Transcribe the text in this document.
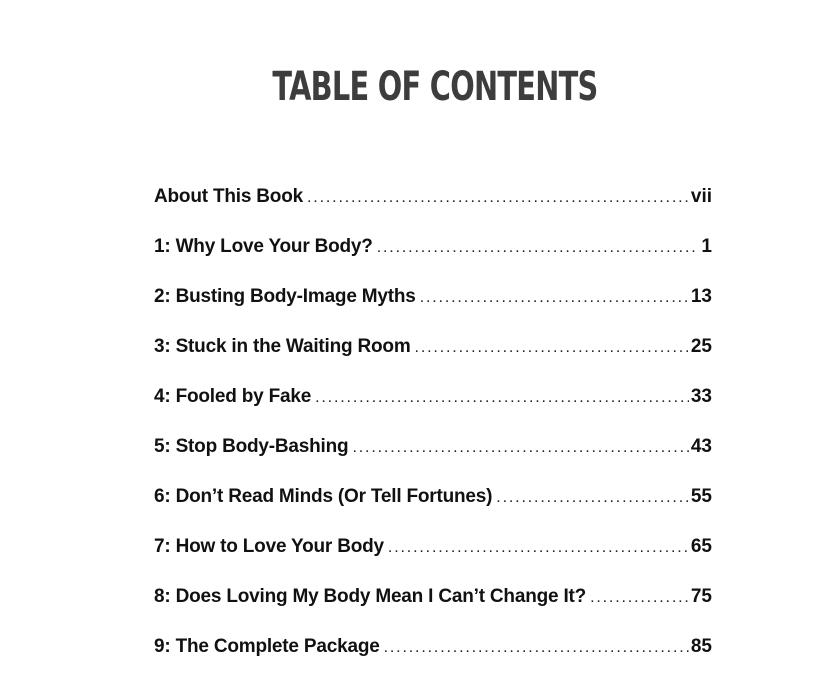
TABLE OF CONTENTS
About This Book . . .	vii
1: Why Love Your Body? . . .	1
2: Busting Body-Image Myths . . .	13
3: Stuck in the Waiting Room . . .	25
4: Fooled by Fake . . .	33
5: Stop Body-Bashing . . .	43
6: Don’t Read Minds (Or Tell Fortunes) . . .	55
7: How to Love Your Body . . .	65
8: Does Loving My Body Mean I Can’t Change It? . . .	75
9: The Complete Package . . .	85
